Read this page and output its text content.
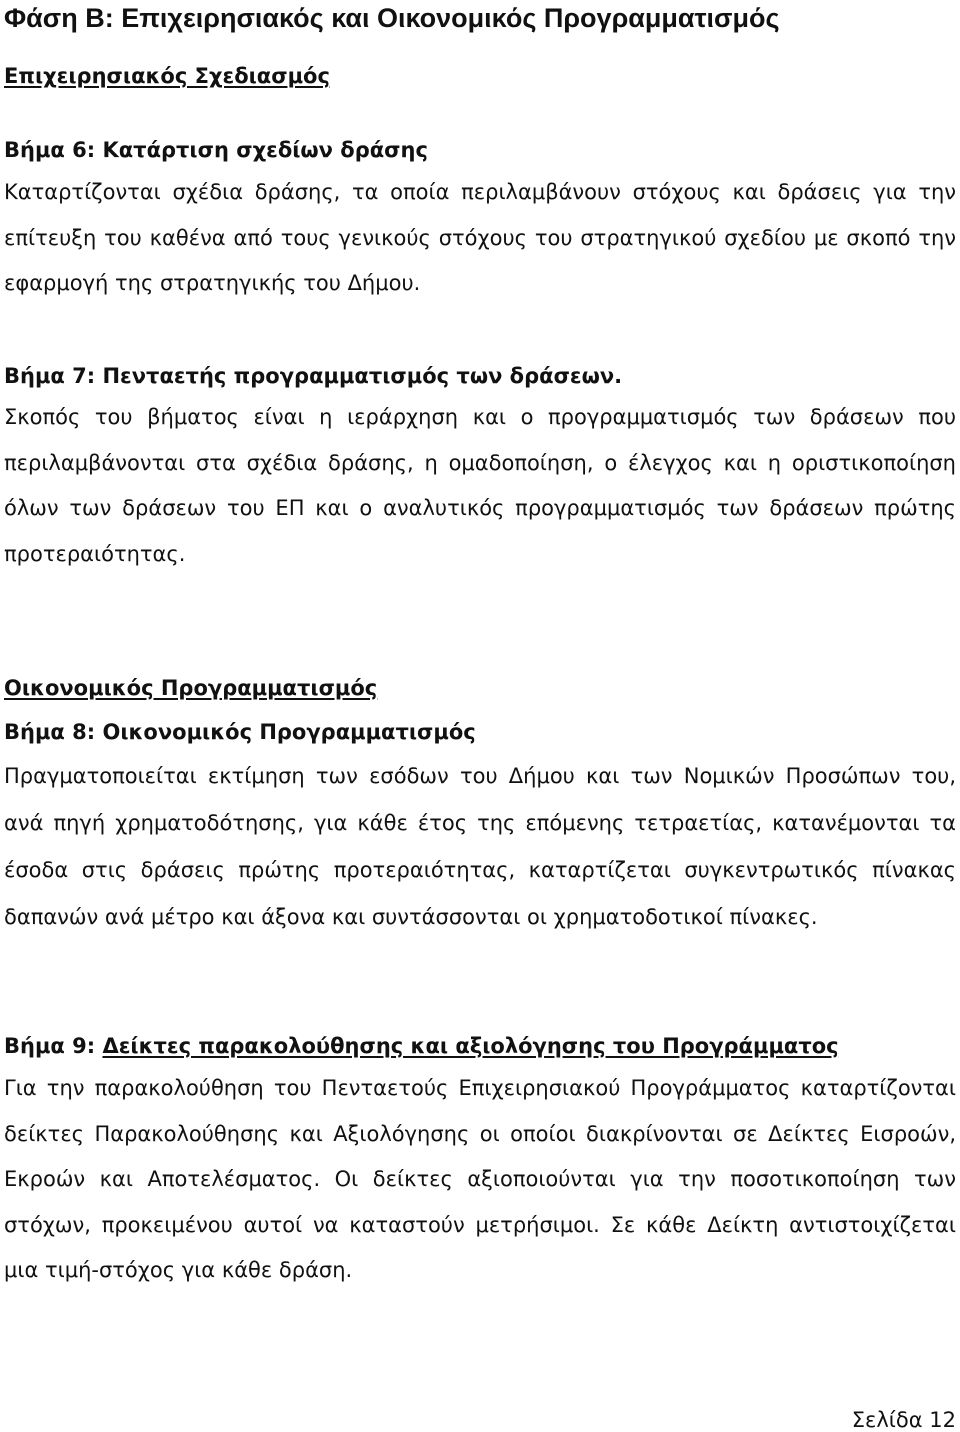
Φάση Β: Επιχειρησιακός και Οικονομικός Προγραμματισμός
Επιχειρησιακός Σχεδιασμός
Βήμα 6: Κατάρτιση σχεδίων δράσης

Καταρτίζονται σχέδια δράσης, τα οποία περιλαμβάνουν στόχους και δράσεις για την επίτευξη του καθένα από τους γενικούς στόχους του στρατηγικού σχεδίου με σκοπό την εφαρμογή της στρατηγικής του Δήμου.

Βήμα 7: Πενταετής προγραμματισμός των δράσεων.

Σκοπός του βήματος είναι η ιεράρχηση και ο προγραμματισμός των δράσεων που περιλαμβάνονται στα σχέδια δράσης, η ομαδοποίηση, ο έλεγχος και η οριστικοποίηση όλων των δράσεων του ΕΠ και ο αναλυτικός προγραμματισμός των δράσεων πρώτης προτεραιότητας.

Οικονομικός Προγραμματισμός
Βήμα 8: Οικονομικός Προγραμματισμός

Πραγματοποιείται εκτίμηση των εσόδων του Δήμου και των Νομικών Προσώπων του, ανά πηγή χρηματοδότησης, για κάθε έτος της επόμενης τετραετίας, κατανέμονται τα έσοδα στις δράσεις πρώτης προτεραιότητας, καταρτίζεται συγκεντρωτικός πίνακας δαπανών ανά μέτρο και άξονα και συντάσσονται οι χρηματοδοτικοί πίνακες.

Βήμα 9: Δείκτες παρακολούθησης και αξιολόγησης του Προγράμματος

Για την παρακολούθηση του Πενταετούς Επιχειρησιακού Προγράμματος καταρτίζονται δείκτες Παρακολούθησης και Αξιολόγησης οι οποίοι διακρίνονται σε Δείκτες Εισροών, Εκροών και Αποτελέσματος. Οι δείκτες αξιοποιούνται για την ποσοτικοποίηση των στόχων, προκειμένου αυτοί να καταστούν μετρήσιμοι. Σε κάθε Δείκτη αντιστοιχίζεται μια τιμή-στόχος για κάθε δράση.

Σελίδα 12
